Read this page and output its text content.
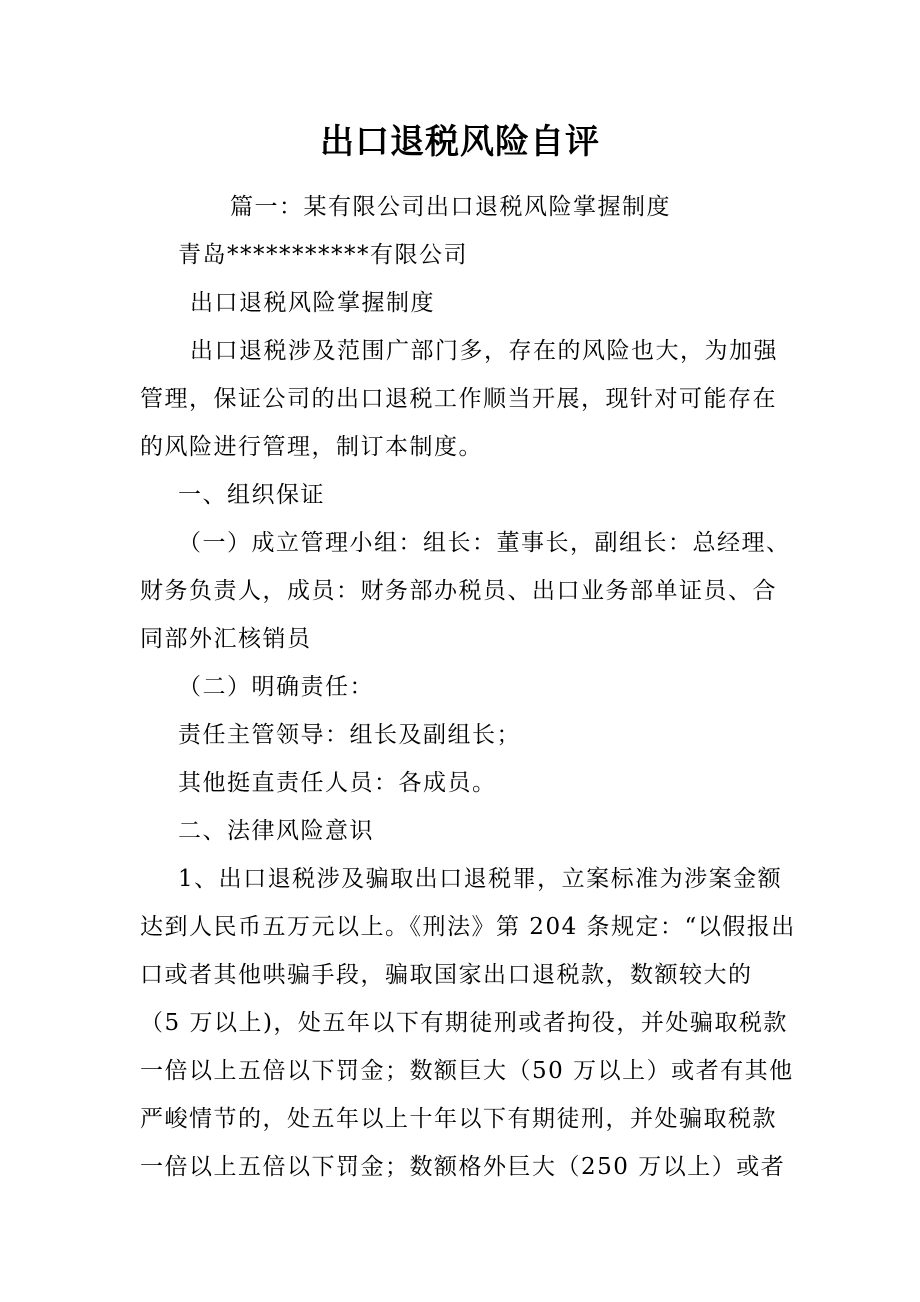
出口退税风险自评
篇一：某有限公司出口退税风险掌握制度
青岛***********有限公司
出口退税风险掌握制度
出口退税涉及范围广部门多，存在的风险也大，为加强
管理，保证公司的出口退税工作顺当开展，现针对可能存在
的风险进行管理，制订本制度。
一、组织保证
（一）成立管理小组：组长：董事长，副组长：总经理、
财务负责人，成员：财务部办税员、出口业务部单证员、合
同部外汇核销员
（二）明确责任：
责任主管领导：组长及副组长；
其他挺直责任人员：各成员。
二、法律风险意识
1、出口退税涉及骗取出口退税罪，立案标准为涉案金额
达到人民币五万元以上。《刑法》第 204 条规定：“以假报出
口或者其他哄骗手段，骗取国家出口退税款，数额较大的
（5 万以上)，处五年以下有期徒刑或者拘役，并处骗取税款
一倍以上五倍以下罚金；数额巨大（50 万以上）或者有其他
严峻情节的，处五年以上十年以下有期徒刑，并处骗取税款
一倍以上五倍以下罚金；数额格外巨大（250 万以上）或者
